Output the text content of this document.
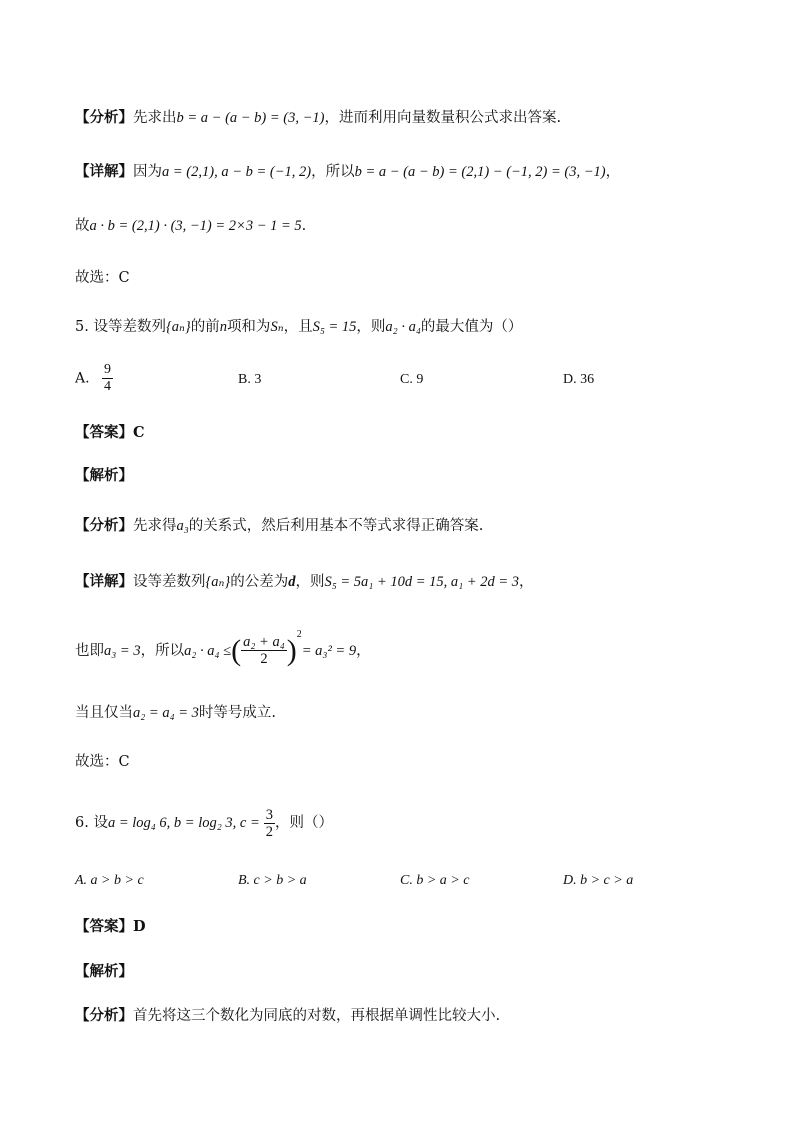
【分析】先求出b = a − (a − b) = (3, −1)，进而利用向量数量积公式求出答案.
【详解】因为a = (2,1), a − b = (−1, 2)，所以b = a − (a − b) = (2,1) − (−1, 2) = (3, −1)，
故a · b = (2,1) · (3, −1) = 2×3 − 1 = 5.
故选：C
5. 设等差数列{aₙ}的前n项和为Sₙ，且S₅ = 15，则a₂ · a₄的最大值为（）
A. $\frac{9}{4}$	B. 3	C. 9	D. 36
【答案】C
【解析】
【分析】先求得a₃的关系式，然后利用基本不等式求得正确答案.
【详解】设等差数列{aₙ}的公差为d，则S₅ = 5a₁ + 10d = 15, a₁ + 2d = 3，
也即a₃ = 3，所以a₂ · a₄ ≤( $\frac{\text{a₂ + a₄}}{2} )^2= a_3^2 = 9$，
当且仅当a₂ = a₄ = 3时等号成立.
故选：C
6. 设a = log₄ 6, b = log₂ 3, $c = \frac{3}{2}$ ，则（）
A. a > b > c	B. c > b > a	C. b > a > c	D. b > c > a
【答案】D
【解析】
【分析】首先将这三个数化为同底的对数，再根据单调性比较大小.
